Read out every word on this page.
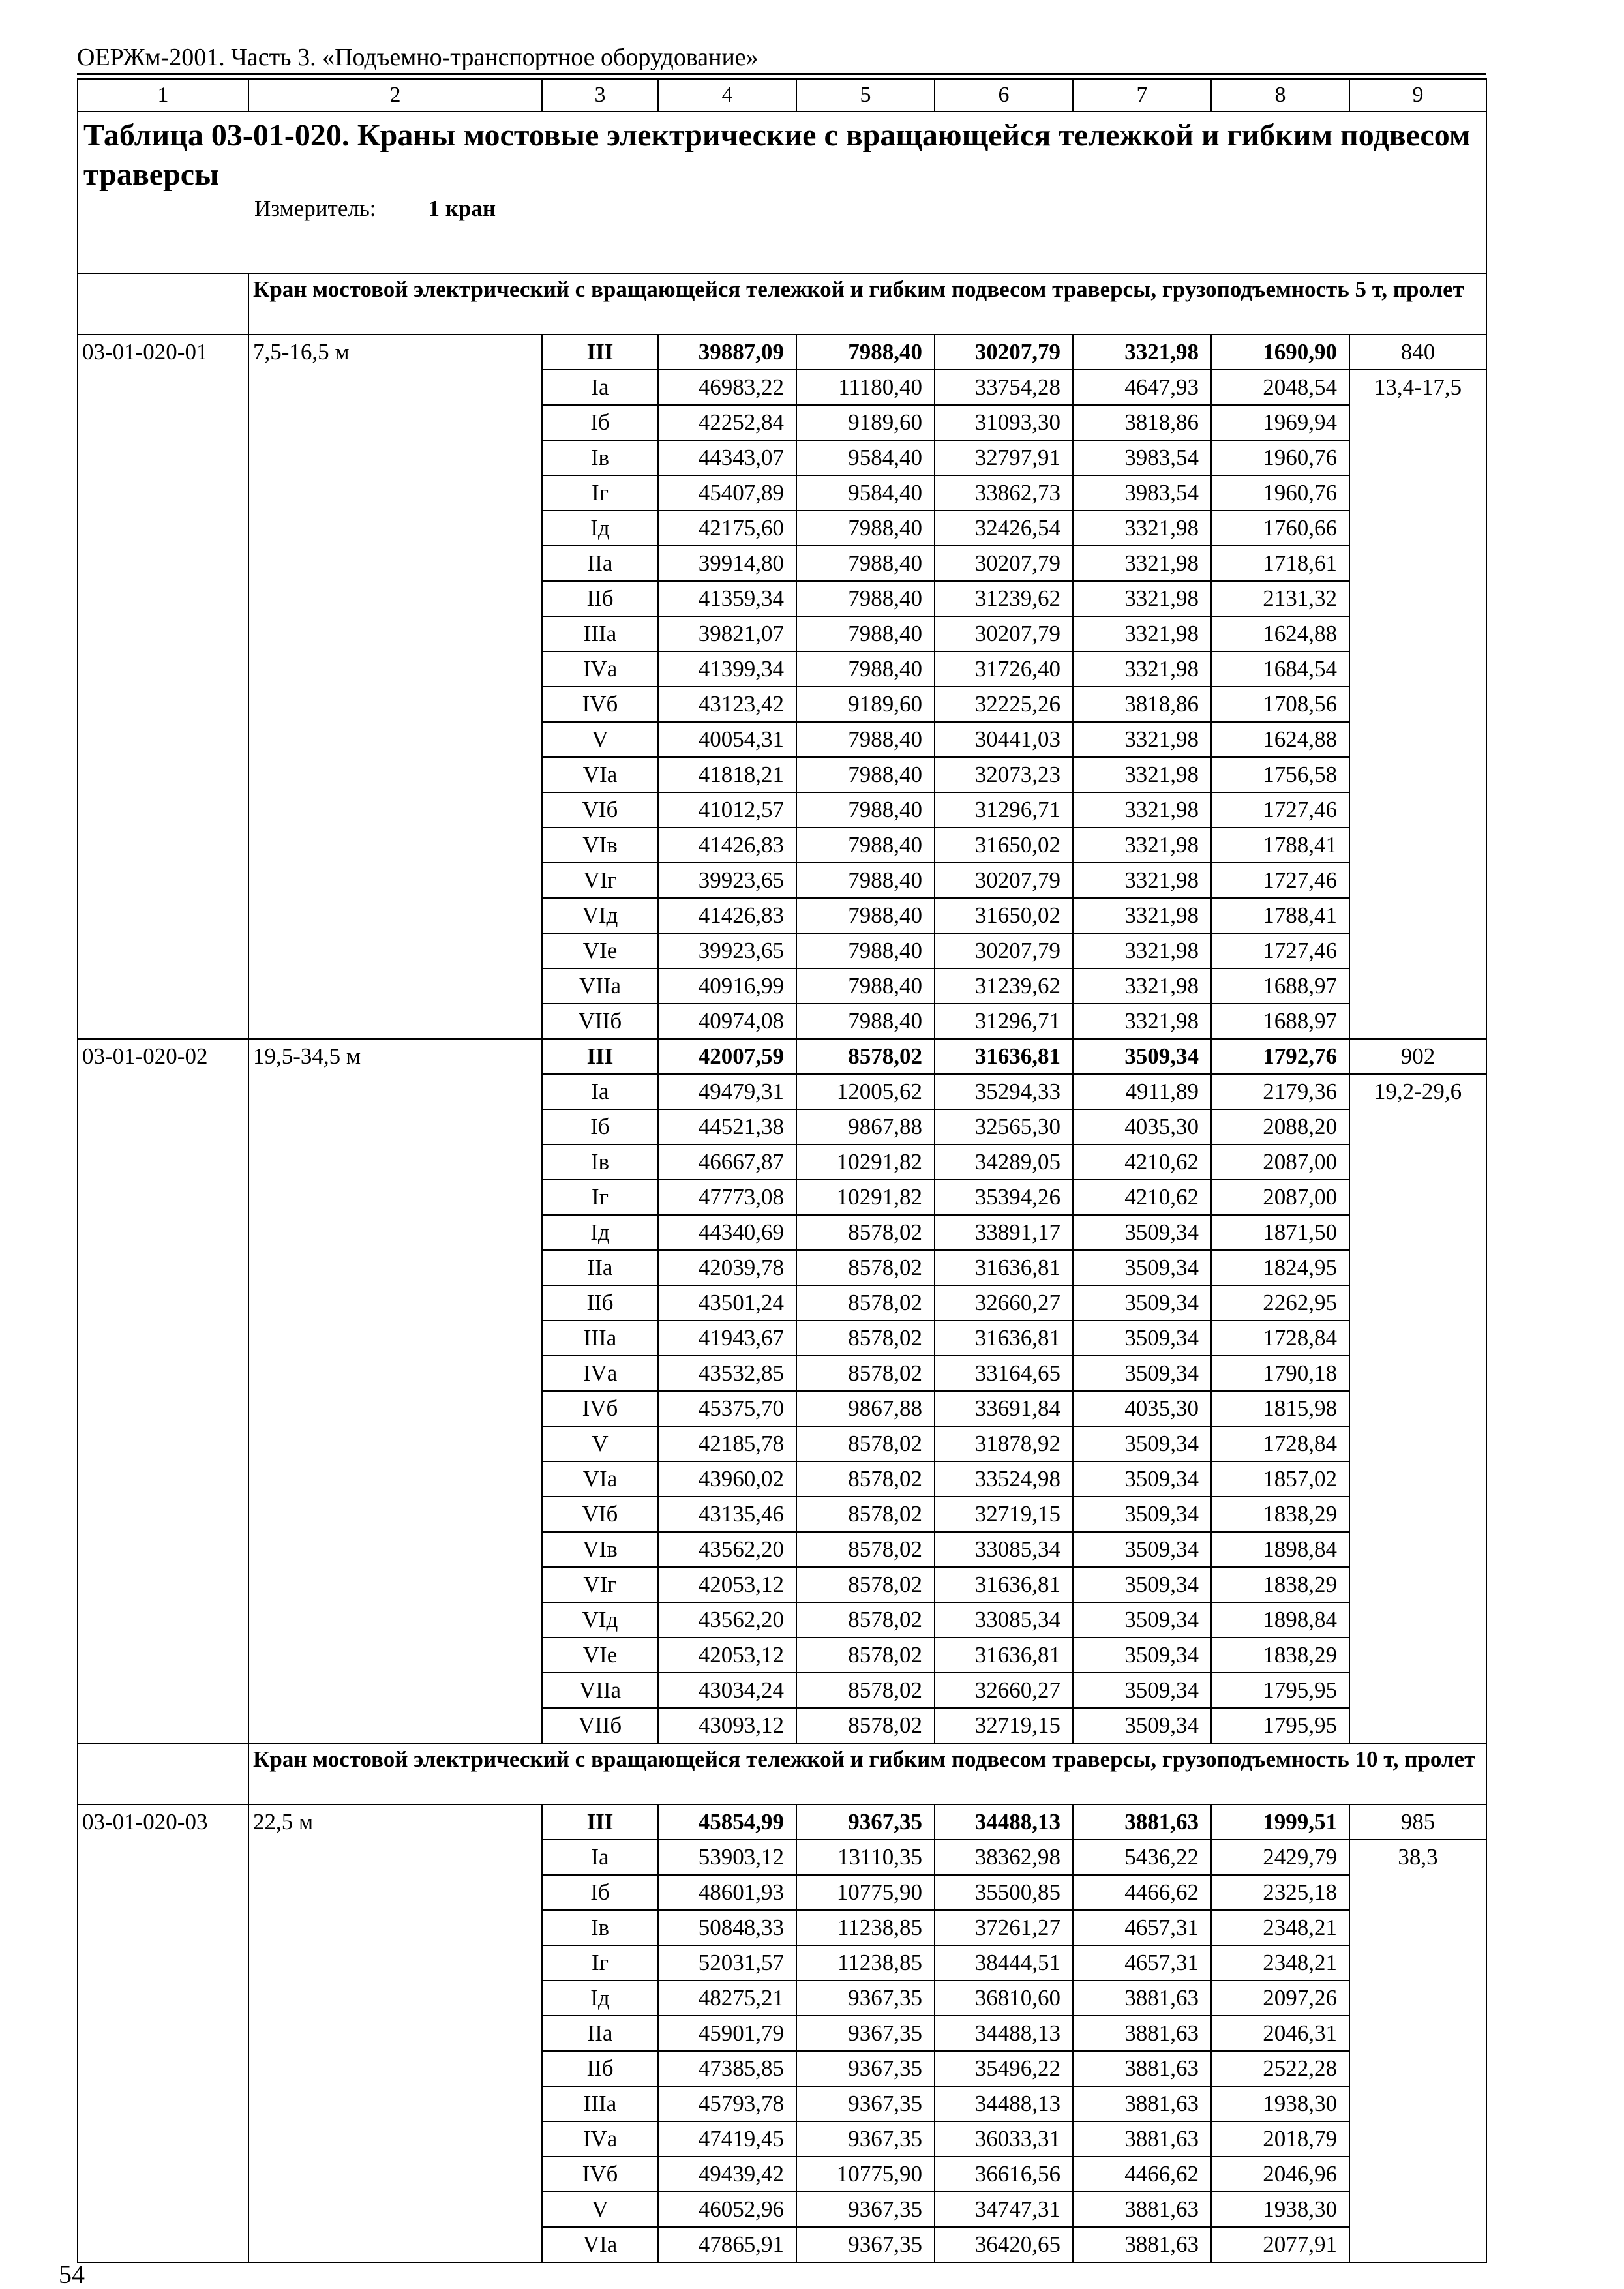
ОЕРЖм-2001. Часть 3. «Подъемно-транспортное оборудование»
1	2	3	4	5	6	7	8	9

Таблица 03-01-020. Краны мостовые электрические с вращающейся тележкой и гибким подвесом траверсы
Измеритель: 1 кран								

	Кран мостовой электрический с вращающейся тележкой и гибким подвесом траверсы, грузоподъемность 5 т, пролет							

03-01-020-01	7,5-16,5 м	III	39887,09	7988,40	30207,79	3321,98	1690,90	840
		Iа	46983,22	11180,40	33754,28	4647,93	2048,54	13,4-17,5

		Iб	42252,84	9189,60	31093,30	3818,86	1969,94	
		Iв	44343,07	9584,40	32797,91	3983,54	1960,76	
		Iг	45407,89	9584,40	33862,73	3983,54	1960,76	
		Iд	42175,60	7988,40	32426,54	3321,98	1760,66	
		IIа	39914,80	7988,40	30207,79	3321,98	1718,61	
		IIб	41359,34	7988,40	31239,62	3321,98	2131,32	
		IIIа	39821,07	7988,40	30207,79	3321,98	1624,88	
		IVа	41399,34	7988,40	31726,40	3321,98	1684,54	
		IVб	43123,42	9189,60	32225,26	3818,86	1708,56	
		V	40054,31	7988,40	30441,03	3321,98	1624,88	
		VIа	41818,21	7988,40	32073,23	3321,98	1756,58	
		VIб	41012,57	7988,40	31296,71	3321,98	1727,46	
		VIв	41426,83	7988,40	31650,02	3321,98	1788,41	
		VIг	39923,65	7988,40	30207,79	3321,98	1727,46	
		VIд	41426,83	7988,40	31650,02	3321,98	1788,41	
		VIе	39923,65	7988,40	30207,79	3321,98	1727,46	
		VIIа	40916,99	7988,40	31239,62	3321,98	1688,97	
		VIIб	40974,08	7988,40	31296,71	3321,98	1688,97	
03-01-020-02	19,5-34,5 м	III	42007,59	8578,02	31636,81	3509,34	1792,76	902
		Iа	49479,31	12005,62	35294,33	4911,89	2179,36	19,2-29,6

		Iб	44521,38	9867,88	32565,30	4035,30	2088,20	
		Iв	46667,87	10291,82	34289,05	4210,62	2087,00	
		Iг	47773,08	10291,82	35394,26	4210,62	2087,00	
		Iд	44340,69	8578,02	33891,17	3509,34	1871,50	
		IIа	42039,78	8578,02	31636,81	3509,34	1824,95	
		IIб	43501,24	8578,02	32660,27	3509,34	2262,95	
		IIIа	41943,67	8578,02	31636,81	3509,34	1728,84	
		IVа	43532,85	8578,02	33164,65	3509,34	1790,18	
		IVб	45375,70	9867,88	33691,84	4035,30	1815,98	
		V	42185,78	8578,02	31878,92	3509,34	1728,84	
		VIа	43960,02	8578,02	33524,98	3509,34	1857,02	
		VIб	43135,46	8578,02	32719,15	3509,34	1838,29	
		VIв	43562,20	8578,02	33085,34	3509,34	1898,84	
		VIг	42053,12	8578,02	31636,81	3509,34	1838,29	
		VIд	43562,20	8578,02	33085,34	3509,34	1898,84	
		VIе	42053,12	8578,02	31636,81	3509,34	1838,29	
		VIIа	43034,24	8578,02	32660,27	3509,34	1795,95	
		VIIб	43093,12	8578,02	32719,15	3509,34	1795,95	

	Кран мостовой электрический с вращающейся тележкой и гибким подвесом траверсы, грузоподъемность 10 т, пролет							

03-01-020-03	22,5 м	III	45854,99	9367,35	34488,13	3881,63	1999,51	985
		Iа	53903,12	13110,35	38362,98	5436,22	2429,79	38,3

		Iб	48601,93	10775,90	35500,85	4466,62	2325,18	
		Iв	50848,33	11238,85	37261,27	4657,31	2348,21	
		Iг	52031,57	11238,85	38444,51	4657,31	2348,21	
		Iд	48275,21	9367,35	36810,60	3881,63	2097,26	
		IIа	45901,79	9367,35	34488,13	3881,63	2046,31	
		IIб	47385,85	9367,35	35496,22	3881,63	2522,28	
		IIIа	45793,78	9367,35	34488,13	3881,63	1938,30	
		IVа	47419,45	9367,35	36033,31	3881,63	2018,79	
		IVб	49439,42	10775,90	36616,56	4466,62	2046,96	
		V	46052,96	9367,35	34747,31	3881,63	1938,30	
		VIа	47865,91	9367,35	36420,65	3881,63	2077,91	
54
